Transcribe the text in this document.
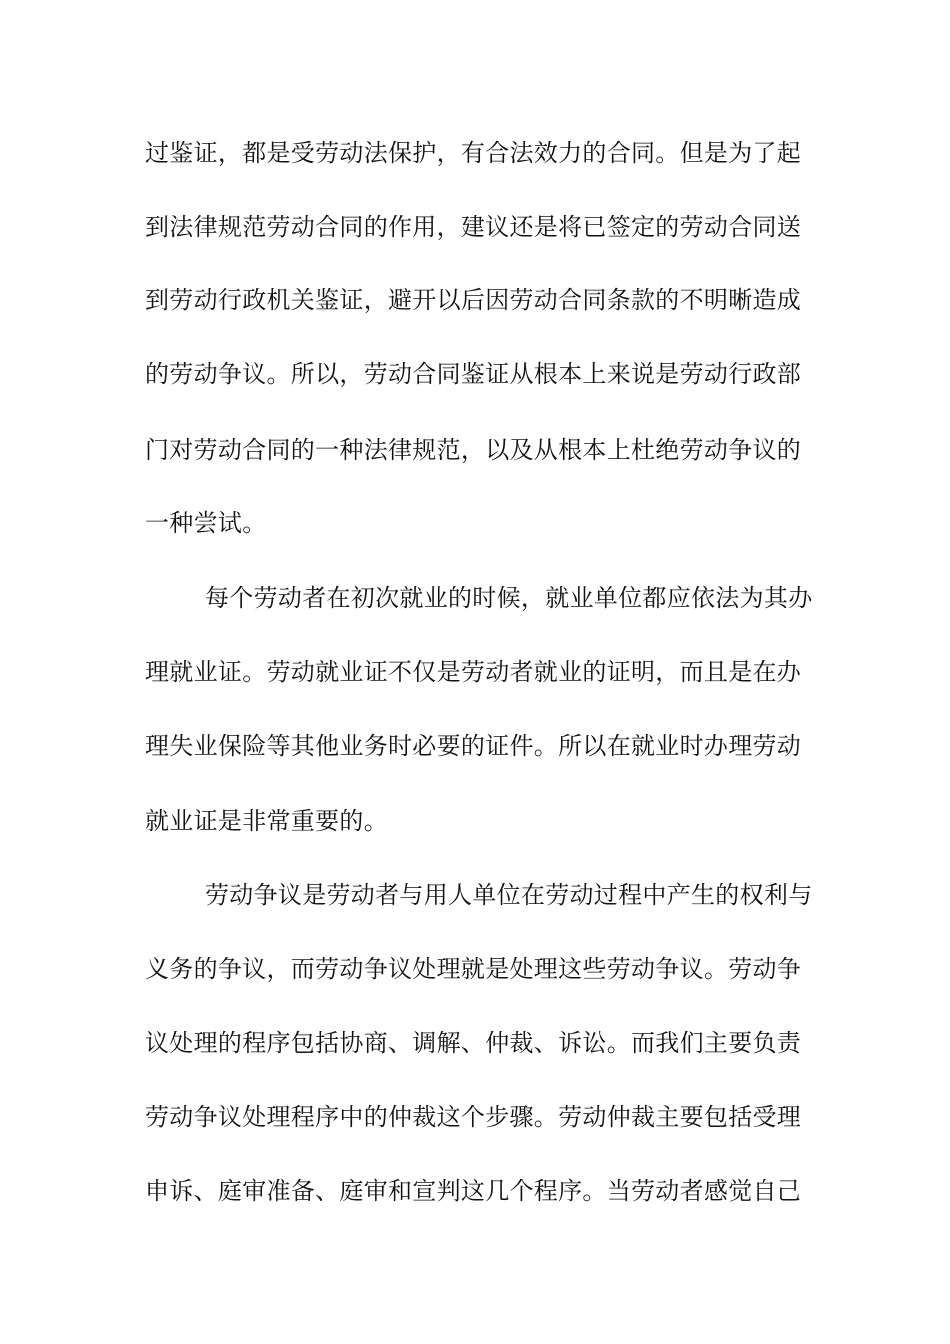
过鉴证，都是受劳动法保护，有合法效力的合同。但是为了起
到法律规范劳动合同的作用，建议还是将已签定的劳动合同送
到劳动行政机关鉴证，避开以后因劳动合同条款的不明晰造成
的劳动争议。所以，劳动合同鉴证从根本上来说是劳动行政部
门对劳动合同的一种法律规范，以及从根本上杜绝劳动争议的
一种尝试。
每个劳动者在初次就业的时候，就业单位都应依法为其办
理就业证。劳动就业证不仅是劳动者就业的证明，而且是在办
理失业保险等其他业务时必要的证件。所以在就业时办理劳动
就业证是非常重要的。
劳动争议是劳动者与用人单位在劳动过程中产生的权利与
义务的争议，而劳动争议处理就是处理这些劳动争议。劳动争
议处理的程序包括协商、调解、仲裁、诉讼。而我们主要负责
劳动争议处理程序中的仲裁这个步骤。劳动仲裁主要包括受理
申诉、庭审准备、庭审和宣判这几个程序。当劳动者感觉自己
